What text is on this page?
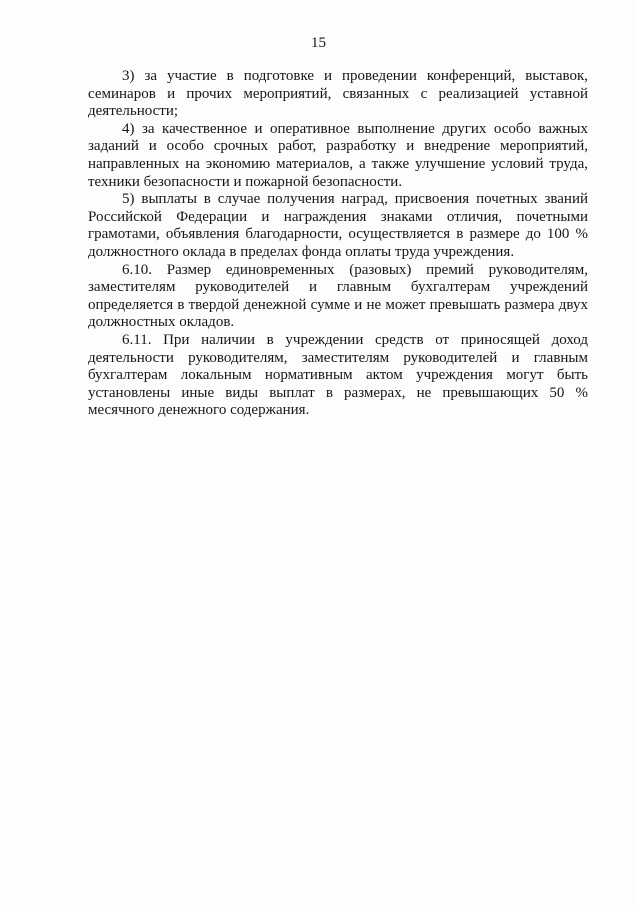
15
3) за участие в подготовке и проведении конференций, выставок,
семинаров и прочих мероприятий, связанных с реализацией уставной
деятельности;
4) за качественное и оперативное выполнение других особо важных
заданий и особо срочных работ, разработку и внедрение мероприятий,
направленных на экономию материалов, а также улучшение условий труда,
техники безопасности и пожарной безопасности.
5) выплаты в случае получения наград, присвоения почетных званий
Российской Федерации и награждения знаками отличия, почетными
грамотами, объявления благодарности, осуществляется в размере до 100 %
должностного оклада в пределах фонда оплаты труда учреждения.
6.10. Размер единовременных (разовых) премий руководителям,
заместителям руководителей и главным бухгалтерам учреждений
определяется в твердой денежной сумме и не может превышать размера двух
должностных окладов.
6.11. При наличии в учреждении средств от приносящей доход
деятельности руководителям, заместителям руководителей и главным
бухгалтерам локальным нормативным актом учреждения могут быть
установлены иные виды выплат в размерах, не превышающих 50 %
месячного денежного содержания.
